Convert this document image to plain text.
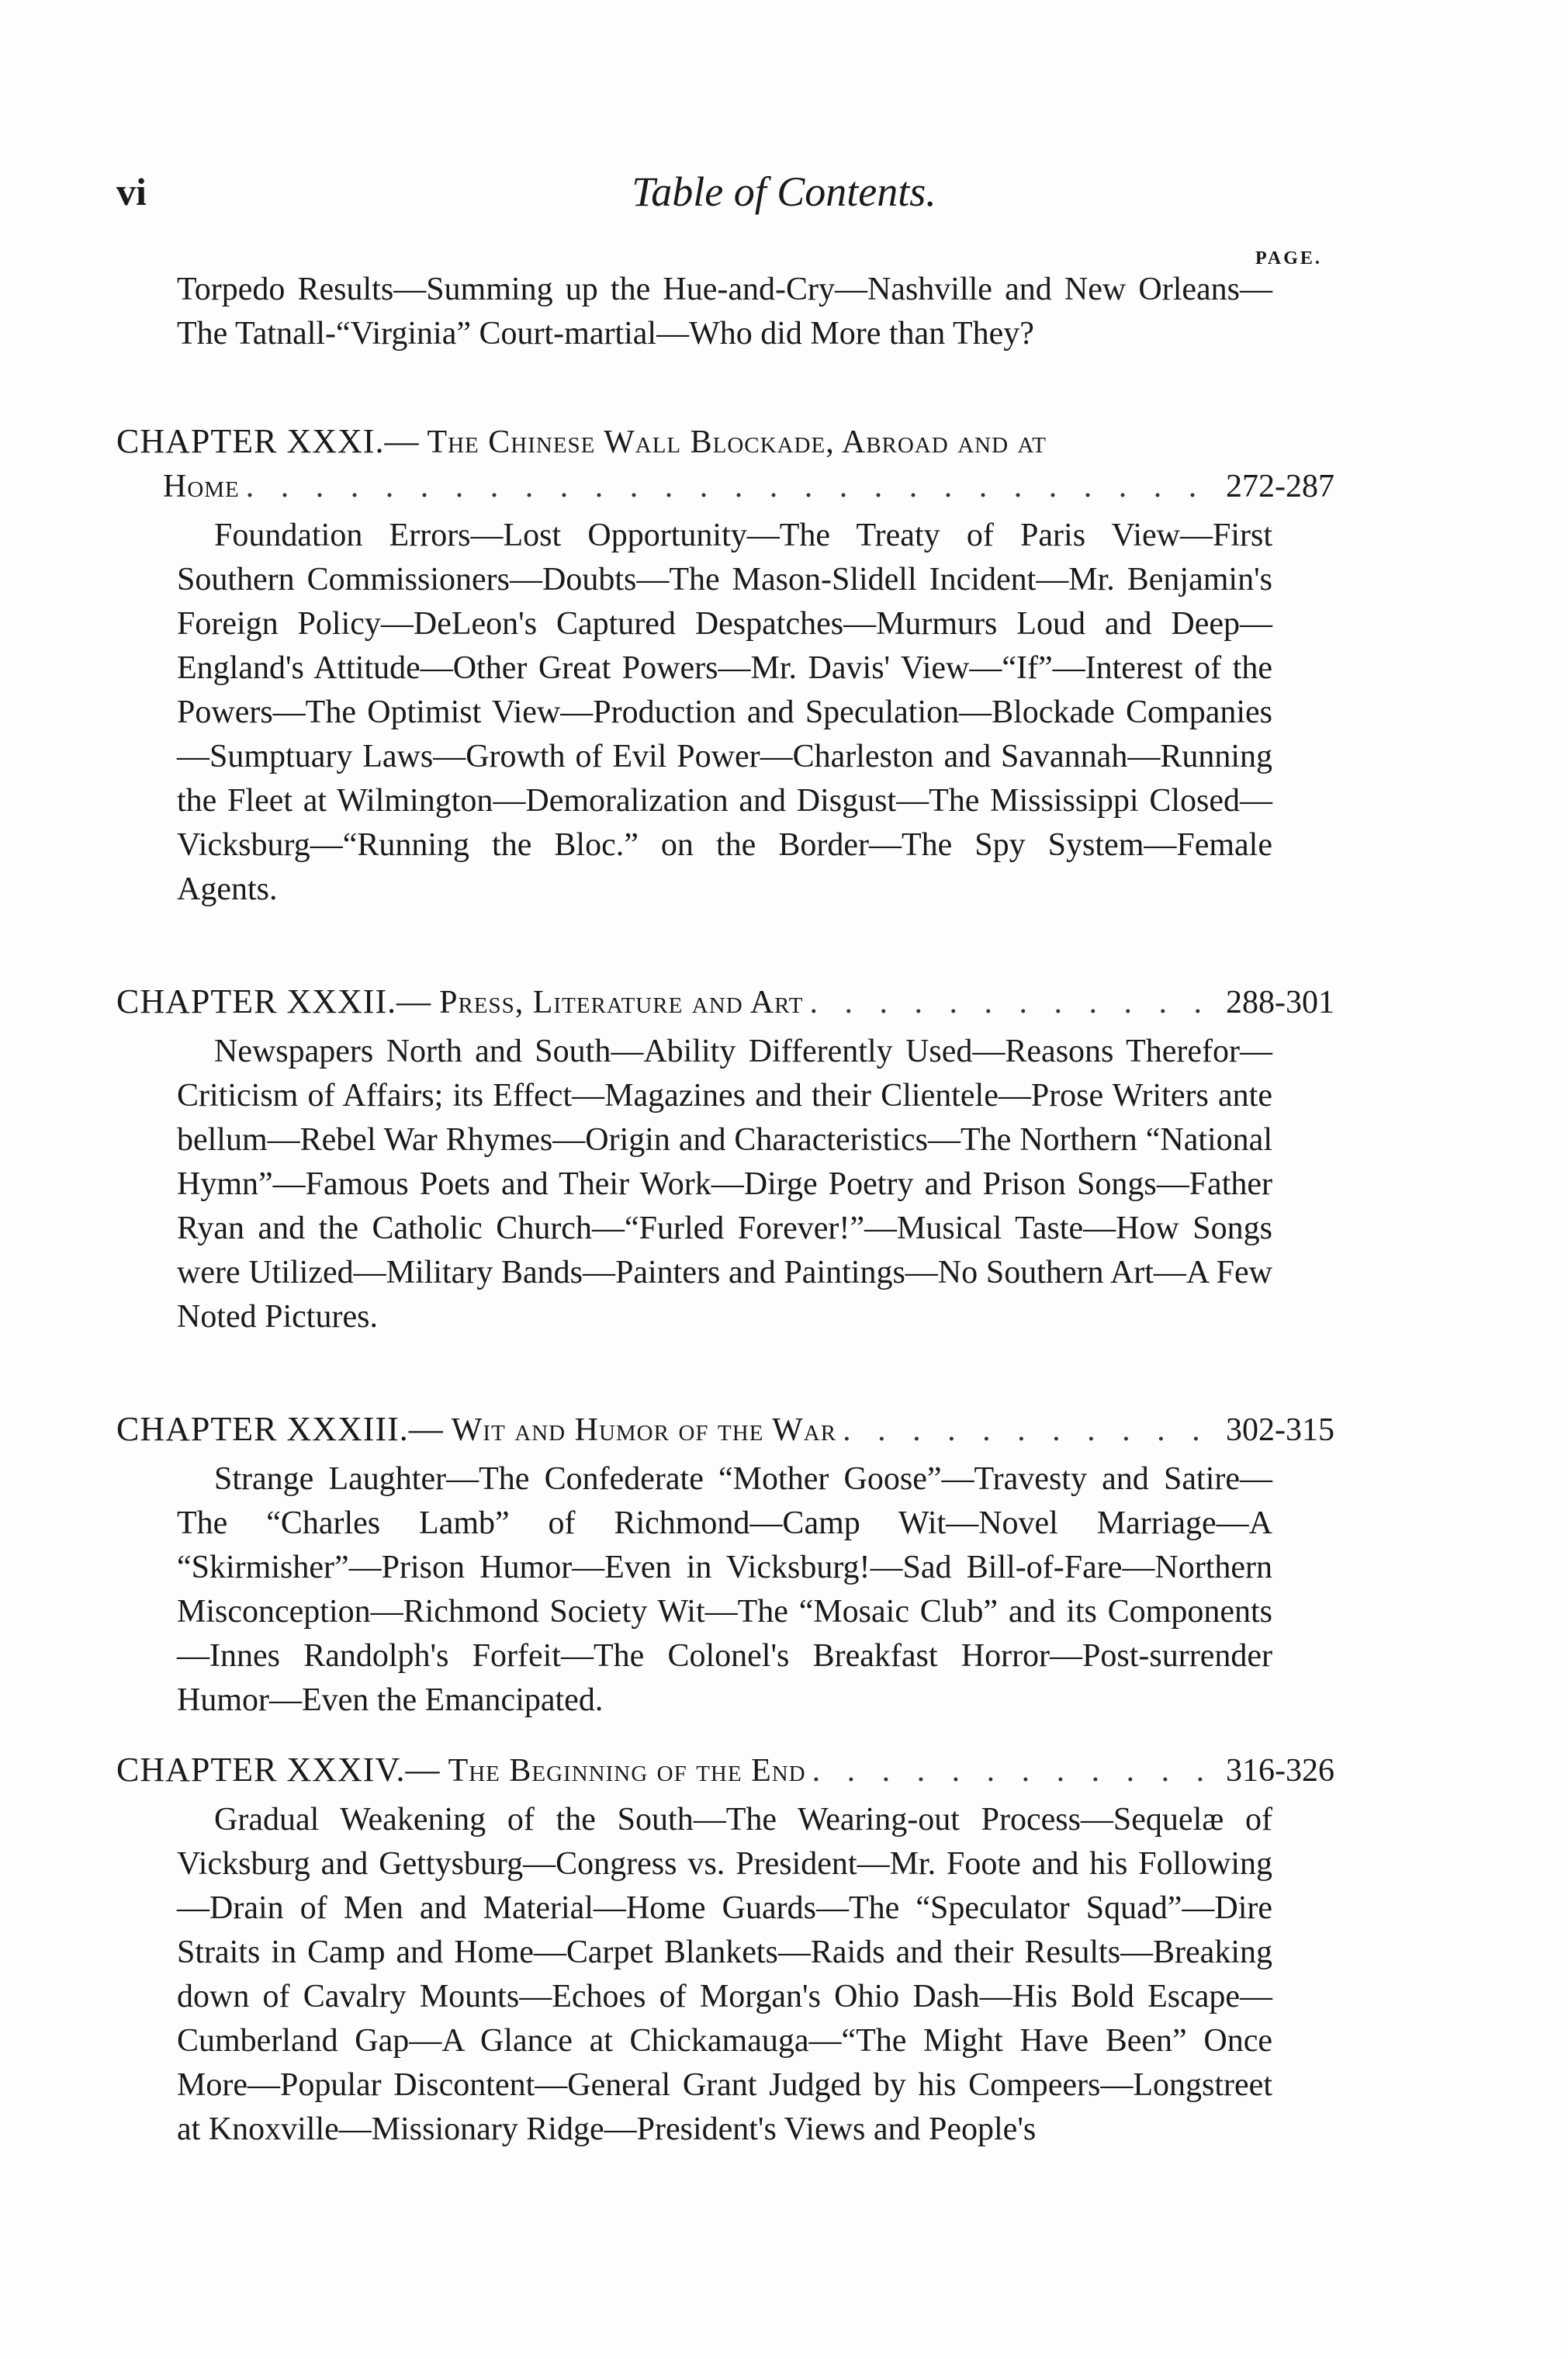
vi	Table of Contents.
PAGE.
Torpedo Results—Summing up the Hue-and-Cry—Nashville and New Orleans—The Tatnall-“Virginia” Court-martial—Who did More than They?
CHAPTER XXXI.— The Chinese Wall Blockade, Abroad and at
Home . . .	272-287
Foundation Errors—Lost Opportunity—The Treaty of Paris View—First Southern Commissioners—Doubts—The Mason-Slidell Incident—Mr. Benjamin's Foreign Policy—DeLeon's Captured Despatches—Murmurs Loud and Deep—England's Attitude—Other Great Powers—Mr. Davis' View—“If”—Interest of the Powers—The Optimist View—Production and Speculation—Blockade Companies—Sumptuary Laws—Growth of Evil Power—Charleston and Savannah—Running the Fleet at Wilmington—Demoralization and Disgust—The Mississippi Closed—Vicksburg—“Running the Bloc.” on the Border—The Spy System—Female Agents.
CHAPTER XXXII.— Press, Literature and Art . . .	288-301
Newspapers North and South—Ability Differently Used—Reasons Therefor—Criticism of Affairs; its Effect—Magazines and their Clientele—Prose Writers ante bellum—Rebel War Rhymes—Origin and Characteristics—The Northern “National Hymn”—Famous Poets and Their Work—Dirge Poetry and Prison Songs—Father Ryan and the Catholic Church—“Furled Forever!”—Musical Taste—How Songs were Utilized—Military Bands—Painters and Paintings—No Southern Art—A Few Noted Pictures.
CHAPTER XXXIII.— Wit and Humor of the War . . .	302-315
Strange Laughter—The Confederate “Mother Goose”—Travesty and Satire—The “Charles Lamb” of Richmond—Camp Wit—Novel Marriage—A “Skirmisher”—Prison Humor—Even in Vicksburg!—Sad Bill-of-Fare—Northern Misconception—Richmond Society Wit—The “Mosaic Club” and its Components—Innes Randolph's Forfeit—The Colonel's Breakfast Horror—Post-surrender Humor—Even the Emancipated.
CHAPTER XXXIV.— The Beginning of the End . . .	316-326
Gradual Weakening of the South—The Wearing-out Process—Sequelæ of Vicksburg and Gettysburg—Congress vs. President—Mr. Foote and his Following—Drain of Men and Material—Home Guards—The “Speculator Squad”—Dire Straits in Camp and Home—Carpet Blankets—Raids and their Results—Breaking down of Cavalry Mounts—Echoes of Morgan's Ohio Dash—His Bold Escape—Cumberland Gap—A Glance at Chickamauga—“The Might Have Been” Once More—Popular Discontent—General Grant Judged by his Compeers—Longstreet at Knoxville—Missionary Ridge—President's Views and People's
